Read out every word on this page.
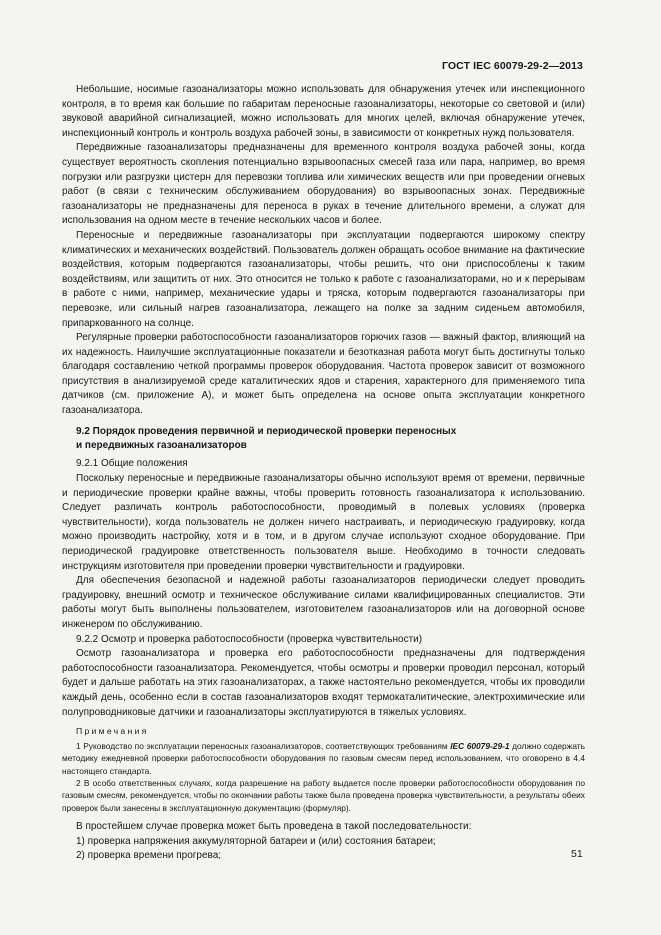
ГОСТ IEC 60079-29-2—2013

Небольшие, носимые газоанализаторы можно использовать для обнаружения утечек или инспекционного контроля, в то время как большие по габаритам переносные газоанализаторы, некоторые со световой и (или) звуковой аварийной сигнализацией, можно использовать для многих целей, включая обнаружение утечек, инспекционный контроль и контроль воздуха рабочей зоны, в зависимости от конкретных нужд пользователя.

Передвижные газоанализаторы предназначены для временного контроля воздуха рабочей зоны, когда существует вероятность скопления потенциально взрывоопасных смесей газа или пара, например, во время погрузки или разгрузки цистерн для перевозки топлива или химических веществ или при проведении огневых работ (в связи с техническим обслуживанием оборудования) во взрывоопасных зонах. Передвижные газоанализаторы не предназначены для переноса в руках в течение длительного времени, а служат для использования на одном месте в течение нескольких часов и более.

Переносные и передвижные газоанализаторы при эксплуатации подвергаются широкому спектру климатических и механических воздействий. Пользователь должен обращать особое внимание на фактические воздействия, которым подвергаются газоанализаторы, чтобы решить, что они приспособлены к таким воздействиям, или защитить от них. Это относится не только к работе с газоанализаторами, но и к перерывам в работе с ними, например, механические удары и тряска, которым подвергаются газоанализаторы при перевозке, или сильный нагрев газоанализатора, лежащего на полке за задним сиденьем автомобиля, припаркованного на солнце.

Регулярные проверки работоспособности газоанализаторов горючих газов — важный фактор, влияющий на их надежность. Наилучшие эксплуатационные показатели и безотказная работа могут быть достигнуты только благодаря составлению четкой программы проверок оборудования. Частота проверок зависит от возможного присутствия в анализируемой среде каталитических ядов и старения, характерного для применяемого типа датчиков (см. приложение А), и может быть определена на основе опыта эксплуатации конкретного газоанализатора.

9.2 Порядок проведения первичной и периодической проверки переносных
и передвижных газоанализаторов

9.2.1 Общие положения

Поскольку переносные и передвижные газоанализаторы обычно используют время от времени, первичные и периодические проверки крайне важны, чтобы проверить готовность газоанализатора к использованию. Следует различать контроль работоспособности, проводимый в полевых условиях (проверка чувствительности), когда пользователь не должен ничего настраивать, и периодическую градуировку, когда можно производить настройку, хотя и в том, и в другом случае используют сходное оборудование. При периодической градуировке ответственность пользователя выше. Необходимо в точности следовать инструкциям изготовителя при проведении проверки чувствительности и градуировки.

Для обеспечения безопасной и надежной работы газоанализаторов периодически следует проводить градуировку, внешний осмотр и техническое обслуживание силами квалифицированных специалистов. Эти работы могут быть выполнены пользователем, изготовителем газоанализаторов или на договорной основе инженером по обслуживанию.

9.2.2 Осмотр и проверка работоспособности (проверка чувствительности)

Осмотр газоанализатора и проверка его работоспособности предназначены для подтверждения работоспособности газоанализатора. Рекомендуется, чтобы осмотры и проверки проводил персонал, который будет и дальше работать на этих газоанализаторах, а также настоятельно рекомендуется, чтобы их проводили каждый день, особенно если в состав газоанализаторов входят термокаталитические, электрохимические или полупроводниковые датчики и газоанализаторы эксплуатируются в тяжелых условиях.

Примечания

1 Руководство по эксплуатации переносных газоанализаторов, соответствующих требованиям IEC 60079-29-1 должно содержать методику ежедневной проверки работоспособности оборудования по газовым смесям перед использованием, что оговорено в 4.4 настоящего стандарта.

2 В особо ответственных случаях, когда разрешение на работу выдается после проверки работоспособности оборудования по газовым смесям, рекомендуется, чтобы по окончании работы также была проведена проверка чувствительности, а результаты обеих проверок были занесены в эксплуатационную документацию (формуляр).

В простейшем случае проверка может быть проведена в такой последовательности:

1) проверка напряжения аккумуляторной батареи и (или) состояния батареи;

2) проверка времени прогрева;	51
